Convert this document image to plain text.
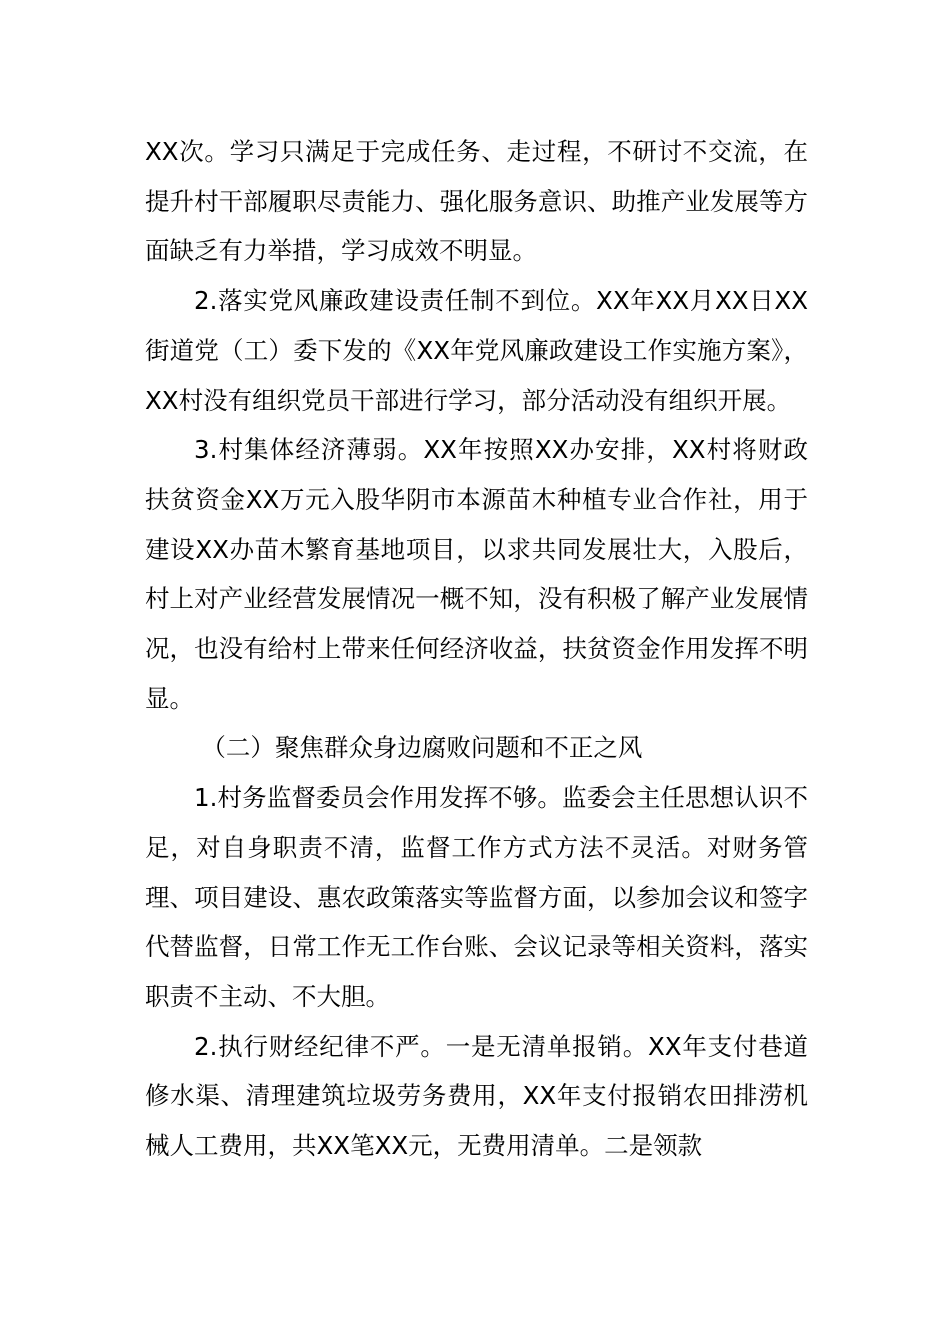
XX次。学习只满足于完成任务、走过程，不研讨不交流，在提升村干部履职尽责能力、强化服务意识、助推产业发展等方面缺乏有力举措，学习成效不明显。

2.落实党风廉政建设责任制不到位。XX年XX月XX日XX街道党（工）委下发的《XX年党风廉政建设工作实施方案》，XX村没有组织党员干部进行学习，部分活动没有组织开展。

3.村集体经济薄弱。XX年按照XX办安排，XX村将财政扶贫资金XX万元入股华阴市本源苗木种植专业合作社，用于建设XX办苗木繁育基地项目，以求共同发展壮大，入股后，村上对产业经营发展情况一概不知，没有积极了解产业发展情况，也没有给村上带来任何经济收益，扶贫资金作用发挥不明显。

（二）聚焦群众身边腐败问题和不正之风

1.村务监督委员会作用发挥不够。监委会主任思想认识不足，对自身职责不清，监督工作方式方法不灵活。对财务管理、项目建设、惠农政策落实等监督方面，以参加会议和签字代替监督，日常工作无工作台账、会议记录等相关资料，落实职责不主动、不大胆。

2.执行财经纪律不严。一是无清单报销。XX年支付巷道修水渠、清理建筑垃圾劳务费用，XX年支付报销农田排涝机械人工费用，共XX笔XX元，无费用清单。二是领款
